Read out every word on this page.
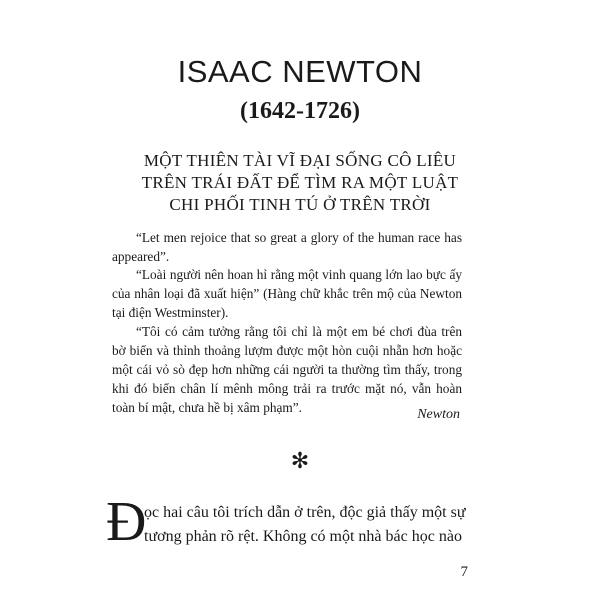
ISAAC NEWTON
(1642-1726)
MỘT THIÊN TÀI VĨ ĐẠI SỐNG CÔ LIÊU
TRÊN TRÁI ĐẤT ĐỂ TÌM RA MỘT LUẬT
CHI PHỐI TINH TÚ Ở TRÊN TRỜI

“Let men rejoice that so great a glory of the human race has appeared”.

“Loài người nên hoan hỉ rằng một vinh quang lớn lao bực ấy của nhân loại đã xuất hiện” (Hàng chữ khắc trên mộ của Newton tại điện Westminster).

“Tôi có cảm tưởng rằng tôi chỉ là một em bé chơi đùa trên bờ biển và thỉnh thoảng lượm được một hòn cuội nhẵn hơn hoặc một cái vỏ sò đẹp hơn những cái người ta thường tìm thấy, trong khi đó biển chân lí mênh mông trải ra trước mặt nó, vẫn hoàn toàn bí mật, chưa hề bị xâm phạm”.	Newton
✻
Đ
ọc hai câu tôi trích dẫn ở trên, độc giả thấy một sự
tương phản rõ rệt. Không có một nhà bác học nào
7
